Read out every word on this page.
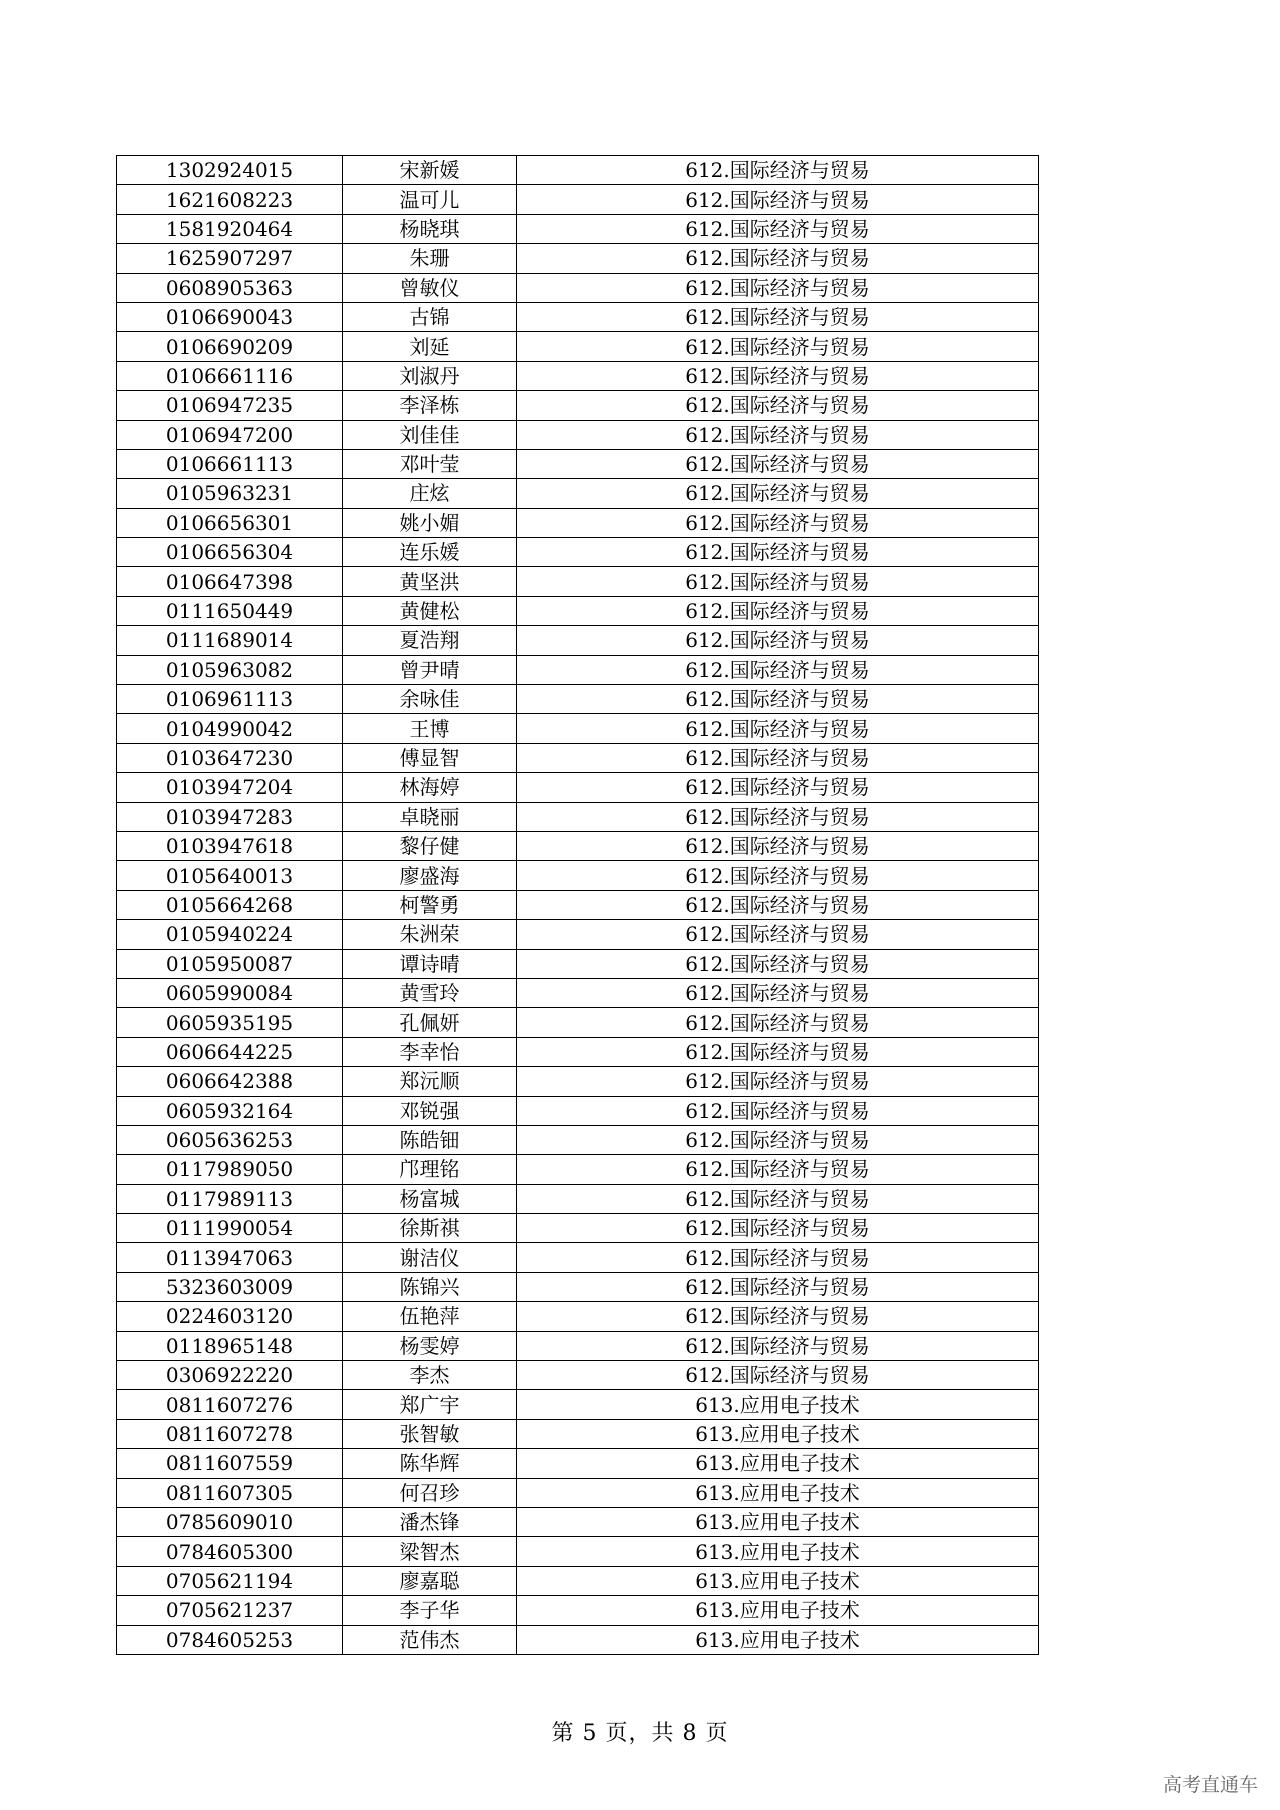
1302924015	宋新媛	612.国际经济与贸易
1621608223	温可儿	612.国际经济与贸易
1581920464	杨晓琪	612.国际经济与贸易
1625907297	朱珊	612.国际经济与贸易
0608905363	曾敏仪	612.国际经济与贸易
0106690043	古锦	612.国际经济与贸易
0106690209	刘延	612.国际经济与贸易
0106661116	刘淑丹	612.国际经济与贸易
0106947235	李泽栋	612.国际经济与贸易
0106947200	刘佳佳	612.国际经济与贸易
0106661113	邓叶莹	612.国际经济与贸易
0105963231	庄炫	612.国际经济与贸易
0106656301	姚小媚	612.国际经济与贸易
0106656304	连乐媛	612.国际经济与贸易
0106647398	黄坚洪	612.国际经济与贸易
0111650449	黄健松	612.国际经济与贸易
0111689014	夏浩翔	612.国际经济与贸易
0105963082	曾尹晴	612.国际经济与贸易
0106961113	余咏佳	612.国际经济与贸易
0104990042	王博	612.国际经济与贸易
0103647230	傅显智	612.国际经济与贸易
0103947204	林海婷	612.国际经济与贸易
0103947283	卓晓丽	612.国际经济与贸易
0103947618	黎仔健	612.国际经济与贸易
0105640013	廖盛海	612.国际经济与贸易
0105664268	柯警勇	612.国际经济与贸易
0105940224	朱洲荣	612.国际经济与贸易
0105950087	谭诗晴	612.国际经济与贸易
0605990084	黄雪玲	612.国际经济与贸易
0605935195	孔佩妍	612.国际经济与贸易
0606644225	李幸怡	612.国际经济与贸易
0606642388	郑沅顺	612.国际经济与贸易
0605932164	邓锐强	612.国际经济与贸易
0605636253	陈皓钿	612.国际经济与贸易
0117989050	邝理铭	612.国际经济与贸易
0117989113	杨富城	612.国际经济与贸易
0111990054	徐斯祺	612.国际经济与贸易
0113947063	谢洁仪	612.国际经济与贸易
5323603009	陈锦兴	612.国际经济与贸易
0224603120	伍艳萍	612.国际经济与贸易
0118965148	杨雯婷	612.国际经济与贸易
0306922220	李杰	612.国际经济与贸易
0811607276	郑广宇	613.应用电子技术
0811607278	张智敏	613.应用电子技术
0811607559	陈华辉	613.应用电子技术
0811607305	何召珍	613.应用电子技术
0785609010	潘杰锋	613.应用电子技术
0784605300	梁智杰	613.应用电子技术
0705621194	廖嘉聪	613.应用电子技术
0705621237	李子华	613.应用电子技术
0784605253	范伟杰	613.应用电子技术
第 5 页，共 8 页
高考直通车
